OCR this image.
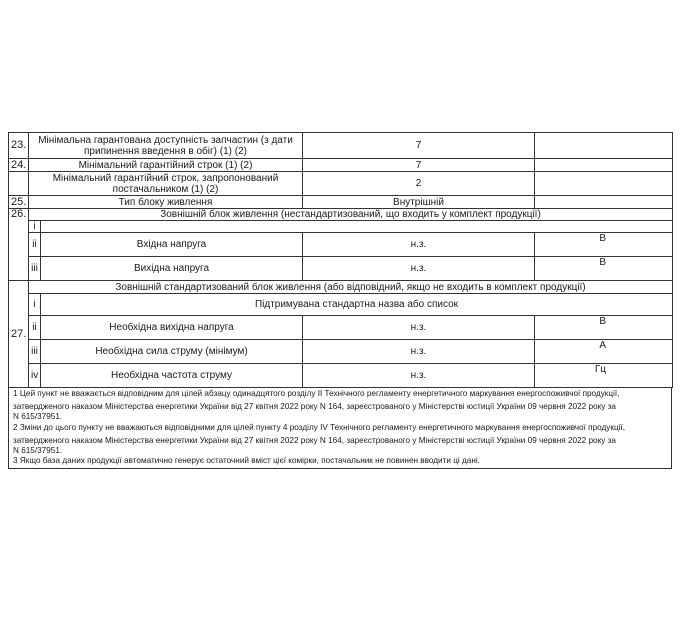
23.	Мінімальна гарантована доступність запчастин (з дати припинення введення в обіг) (1) (2)		7	
24.	Мінімальний гарантійний строк (1) (2)		7	
	Мінімальний гарантійний строк, запропонований постачальником (1) (2)		2	
25.	Тип блоку живлення		Внутрішній	
26.	Зовнішній блок живлення (нестандартизований, що входить у комплект продукції)			
	i			
	ii	Вхідна напруга	н.з.	В
	iii	Вихідна напруга	н.з.	В
27.	Зовнішній стандартизований блок живлення (або відповідний, якщо не входить в комплект продукції)			
	i	Підтримувана стандартна назва або список		
	ii	Необхідна вихідна напруга	н.з.	В
	iii	Необхідна сила струму (мінімум)	н.з.	А
	iv	Необхідна частота струму	н.з.	Гц

1 Цей пункт не вважається відповідним для цілей абзацу одинадцятого розділу II Технічного регламенту енергетичного маркування енергоспоживчої продукції,

затвердженого наказом Міністерства енергетики України від 27 квітня 2022 року N 164, зареєстрованого у Міністерстві юстиції України 09 червня 2022 року за

N 615/37951.

2 Зміни до цього пункту не вважаються відповідними для цілей пункту 4 розділу IV Технічного регламенту енергетичного маркування енергоспоживчої продукції,

затвердженого наказом Міністерства енергетики України від 27 квітня 2022 року N 164, зареєстрованого у Міністерстві юстиції України 09 червня 2022 року за

N 615/37951.

3 Якщо база даних продукції автоматично генерує остаточний вміст цієї комірки, постачальник не повинен вводити ці дані.
